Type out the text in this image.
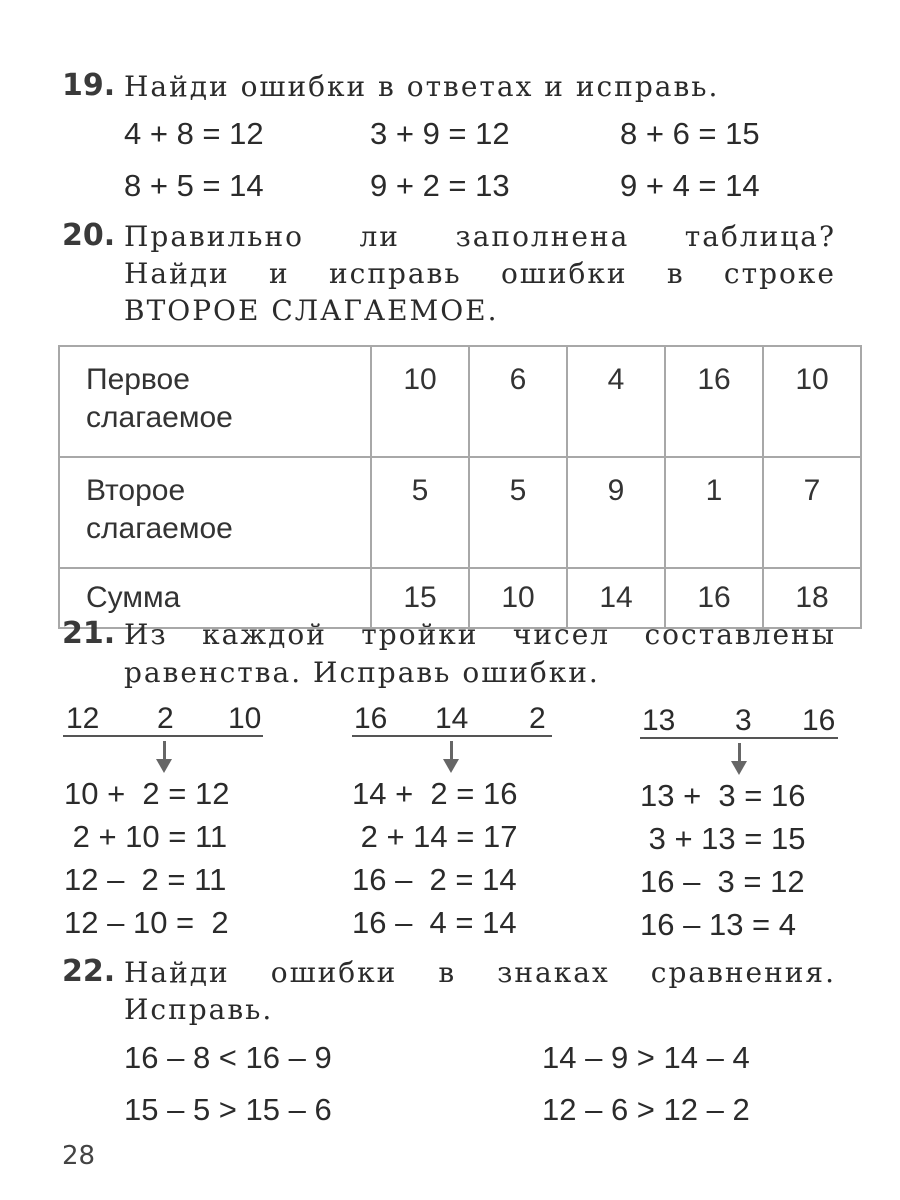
19. Найди ошибки в ответах и исправь.
4 + 8 = 12	3 + 9 = 12	8 + 6 = 15
8 + 5 = 14	9 + 2 = 13	9 + 4 = 14
20. Правильно ли заполнена таблица?
Найди и исправь ошибки в строке
ВТОРОЕ СЛАГАЕМОЕ.
Первое
слагаемое	10	6	4	16	10
Второе
слагаемое	5	5	9	1	7
Сумма	15	10	14	16	18
21. Из каждой тройки чисел составлены
равенства. Исправь ошибки.
12 2 10
10 +  2 = 12
2 + 10 = 11
12 –  2 = 11
12 – 10 =  2
16 14 2
14 +  2 = 16
2 + 14 = 17
16 –  2 = 14
16 –  4 = 14
13 3 16
13 +  3 = 16
3 + 13 = 15
16 –  3 = 12
16 – 13 = 4
22. Найди ошибки в знаках сравнения.
Исправь.
16 – 8 < 16 – 9	14 – 9 > 14 – 4
15 – 5 > 15 – 6	12 – 6 > 12 – 2
28
